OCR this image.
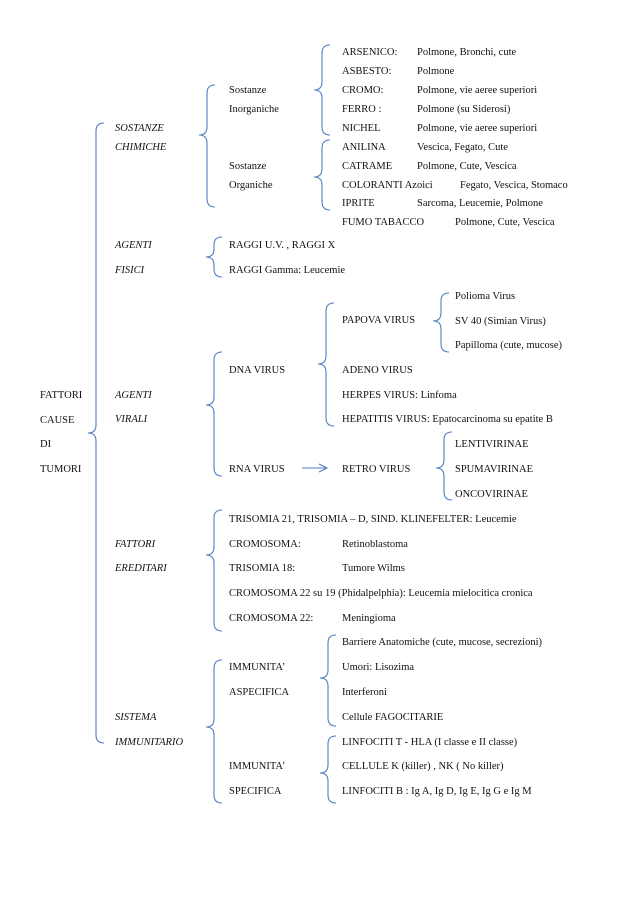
FATTORI
CAUSE
DI
TUMORI
SOSTANZE
CHIMICHE
Sostanze
Inorganiche
ARSENICO: Polmone, Bronchi, cute
ASBESTO: Polmone
CROMO:	Polmone, vie aeree superiori
FERRO :	Polmone (su Siderosi)
NICHEL	Polmone, vie aeree superiori
Sostanze
Organiche
ANILINA	Vescica, Fegato, Cute
CATRAME Polmone, Cute, Vescica
COLORANTI Azoici	Fegato, Vescica, Stomaco
IPRITE	Sarcoma, Leucemie, Polmone
FUMO TABACCO	Polmone, Cute, Vescica
AGENTI
FISICI
RAGGI U.V. , RAGGI X
RAGGI Gamma: Leucemie
AGENTI
VIRALI
DNA VIRUS
PAPOVA VIRUS
Polioma Virus
SV 40 (Simian Virus)
Papilloma (cute, mucose)
ADENO VIRUS
HERPES VIRUS: Linfoma
HEPATITIS VIRUS: Epatocarcinoma su epatite B
RNA VIRUS	RETRO VIRUS
LENTIVIRINAE
SPUMAVIRINAE
ONCOVIRINAE
FATTORI
EREDITARI
TRISOMIA 21, TRISOMIA – D, SIND. KLINEFELTER: Leucemie
CROMOSOMA:	Retinoblastoma
TRISOMIA 18:	Tumore Wilms
CROMOSOMA 22 su 19 (Phidalpelphia): Leucemia mielocitica cronica
CROMOSOMA 22:	Meningioma
SISTEMA
IMMUNITARIO
IMMUNITA’
ASPECIFICA
Barriere Anatomiche (cute, mucose, secrezioni)
Umori: Lisozima
Interferoni
Cellule FAGOCITARIE
IMMUNITA’
SPECIFICA
LINFOCITI T - HLA (I classe e II classe)
CELLULE K (killer) , NK ( No killer)
LINFOCITI B : Ig A, Ig D, Ig E, Ig G e Ig M
